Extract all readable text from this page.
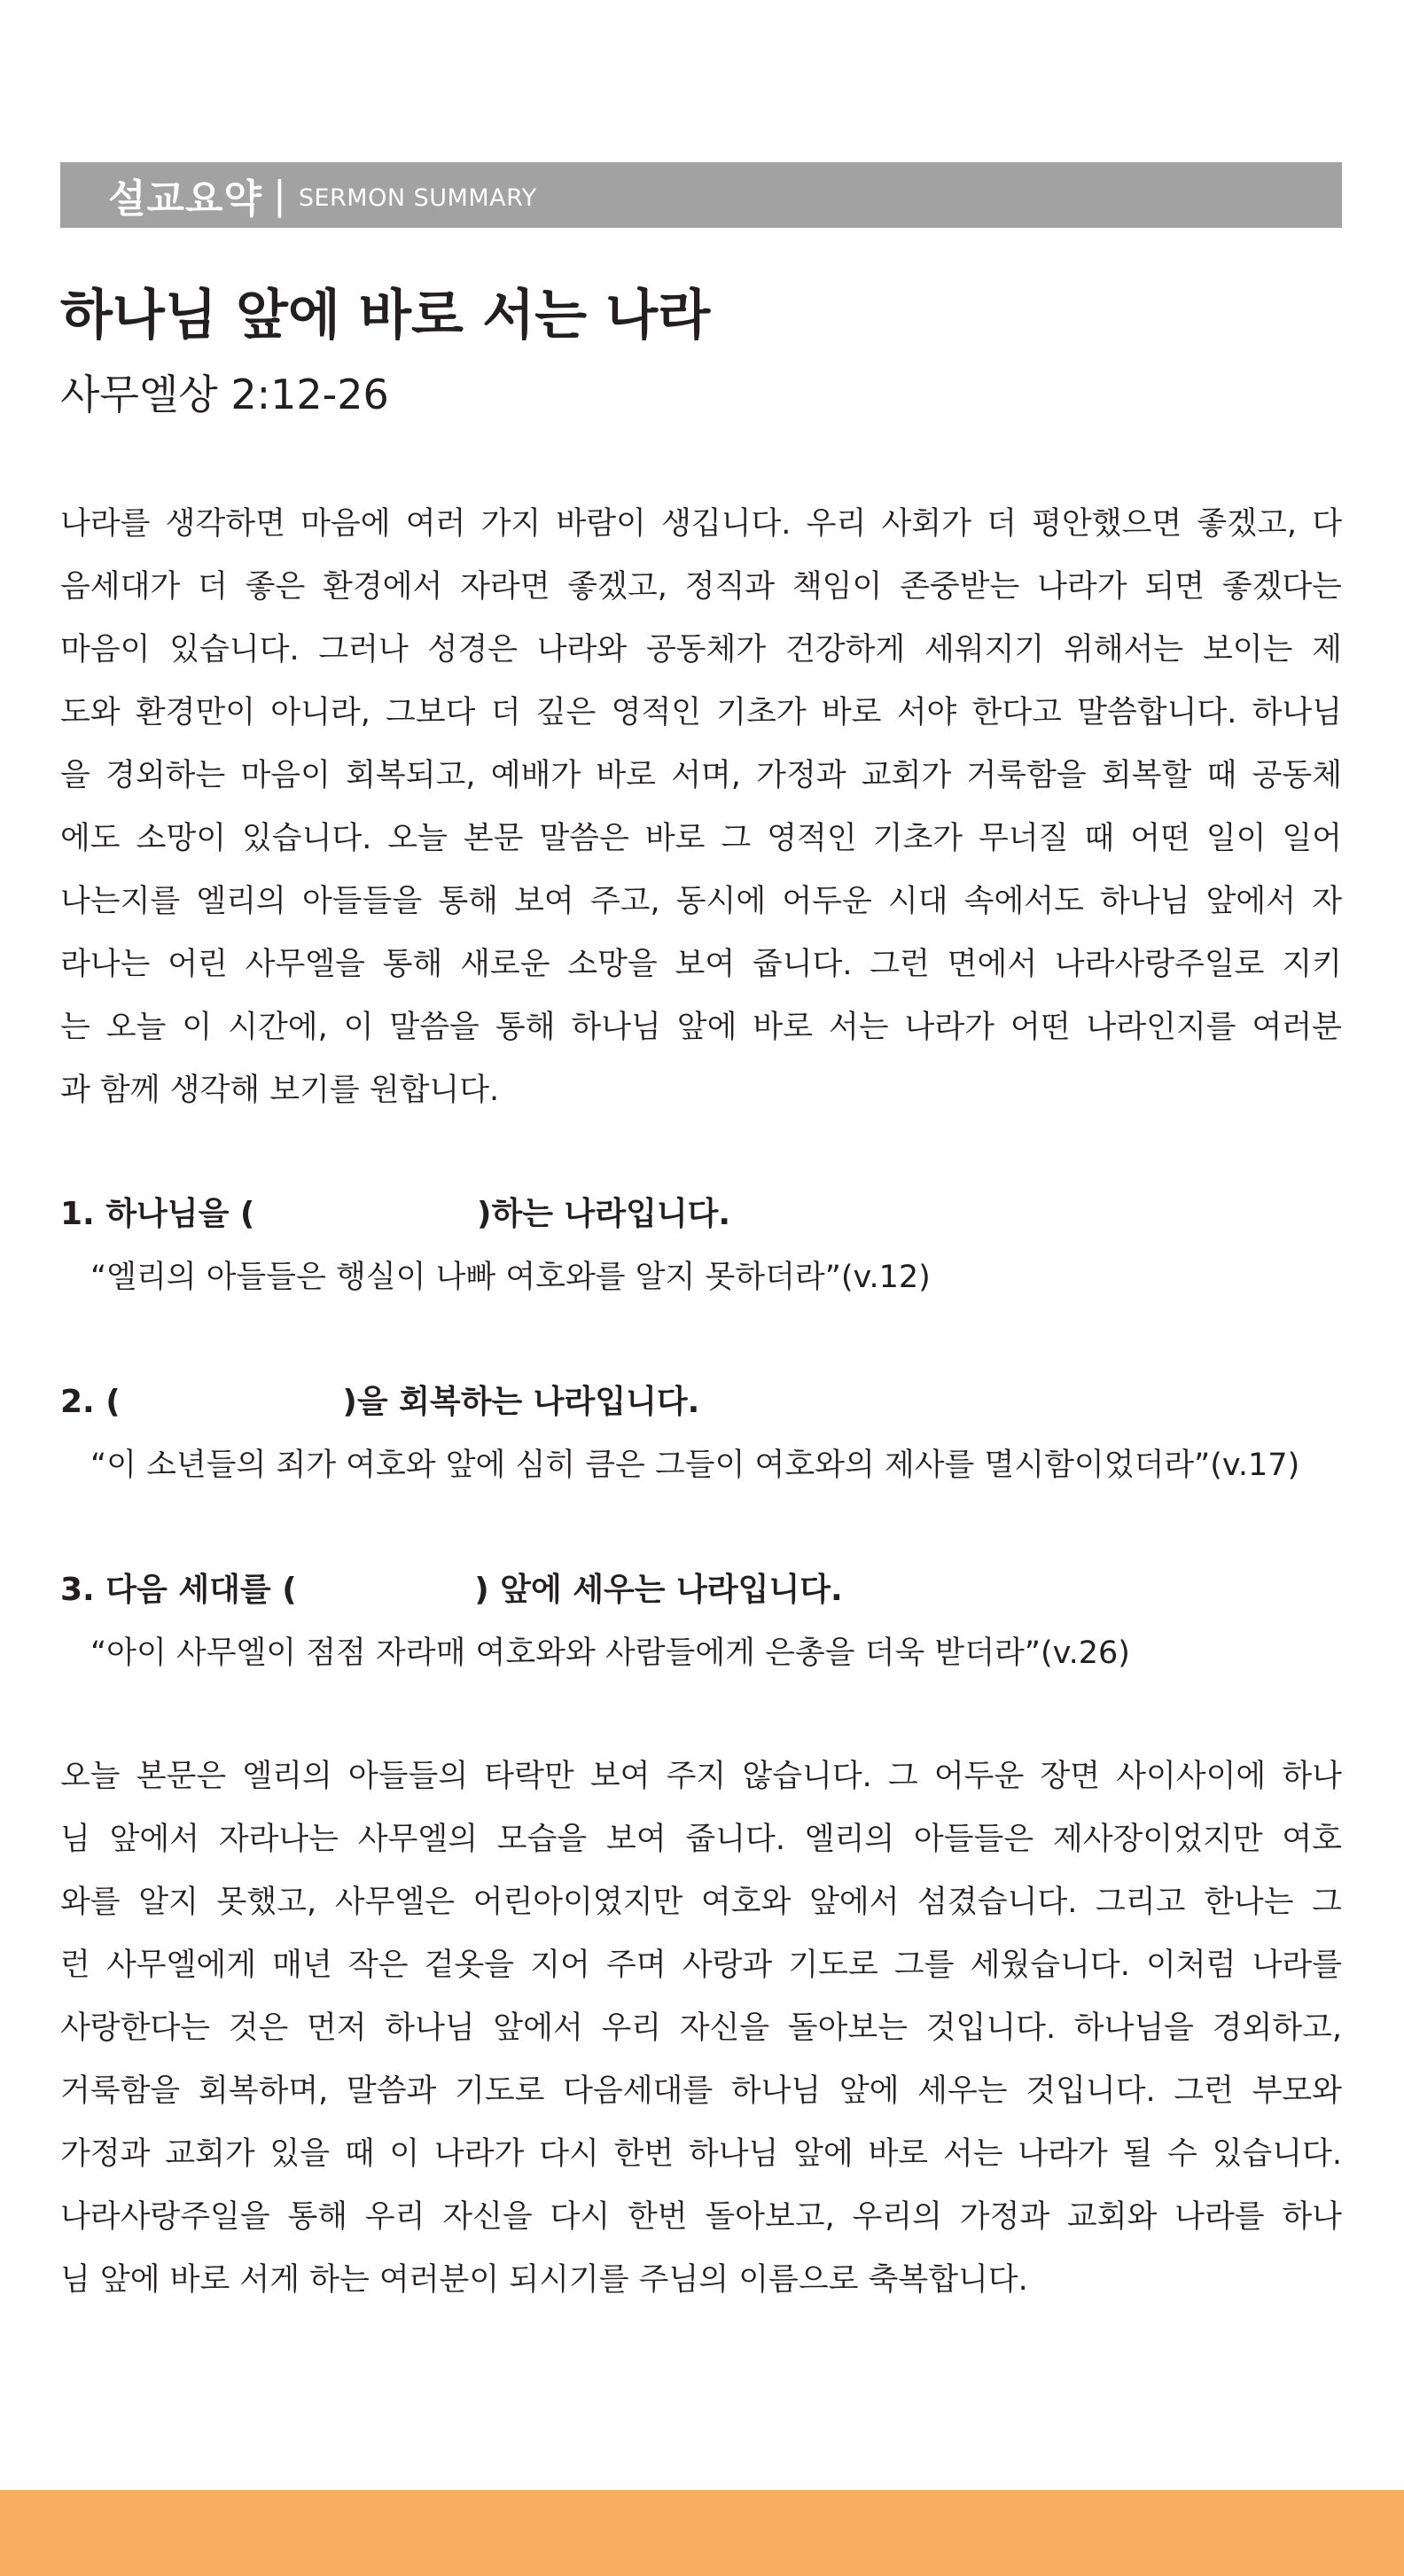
설교요약 | SERMON SUMMARY
하나님 앞에 바로 서는 나라

사무엘상 2:12-26

나라를 생각하면 마음에 여러 가지 바람이 생깁니다. 우리 사회가 더 평안했으면 좋겠고, 다
음세대가 더 좋은 환경에서 자라면 좋겠고, 정직과 책임이 존중받는 나라가 되면 좋겠다는
마음이 있습니다. 그러나 성경은 나라와 공동체가 건강하게 세워지기 위해서는 보이는 제
도와 환경만이 아니라, 그보다 더 깊은 영적인 기초가 바로 서야 한다고 말씀합니다. 하나님
을 경외하는 마음이 회복되고, 예배가 바로 서며, 가정과 교회가 거룩함을 회복할 때 공동체
에도 소망이 있습니다. 오늘 본문 말씀은 바로 그 영적인 기초가 무너질 때 어떤 일이 일어
나는지를 엘리의 아들들을 통해 보여 주고, 동시에 어두운 시대 속에서도 하나님 앞에서 자
라나는 어린 사무엘을 통해 새로운 소망을 보여 줍니다. 그런 면에서 나라사랑주일로 지키
는 오늘 이 시간에, 이 말씀을 통해 하나님 앞에 바로 서는 나라가 어떤 나라인지를 여러분
과 함께 생각해 보기를 원합니다.

1. 하나님을 (                    )하는 나라입니다.

“엘리의 아들들은 행실이 나빠 여호와를 알지 못하더라”(v.12)

2. (                    )을 회복하는 나라입니다.

“이 소년들의 죄가 여호와 앞에 심히 큼은 그들이 여호와의 제사를 멸시함이었더라”(v.17)

3. 다음 세대를 (                ) 앞에 세우는 나라입니다.

“아이 사무엘이 점점 자라매 여호와와 사람들에게 은총을 더욱 받더라”(v.26)

오늘 본문은 엘리의 아들들의 타락만 보여 주지 않습니다. 그 어두운 장면 사이사이에 하나
님 앞에서 자라나는 사무엘의 모습을 보여 줍니다. 엘리의 아들들은 제사장이었지만 여호
와를 알지 못했고, 사무엘은 어린아이였지만 여호와 앞에서 섬겼습니다. 그리고 한나는 그
런 사무엘에게 매년 작은 겉옷을 지어 주며 사랑과 기도로 그를 세웠습니다. 이처럼 나라를
사랑한다는 것은 먼저 하나님 앞에서 우리 자신을 돌아보는 것입니다. 하나님을 경외하고,
거룩함을 회복하며, 말씀과 기도로 다음세대를 하나님 앞에 세우는 것입니다. 그런 부모와
가정과 교회가 있을 때 이 나라가 다시 한번 하나님 앞에 바로 서는 나라가 될 수 있습니다.
나라사랑주일을 통해 우리 자신을 다시 한번 돌아보고, 우리의 가정과 교회와 나라를 하나
님 앞에 바로 서게 하는 여러분이 되시기를 주님의 이름으로 축복합니다.
